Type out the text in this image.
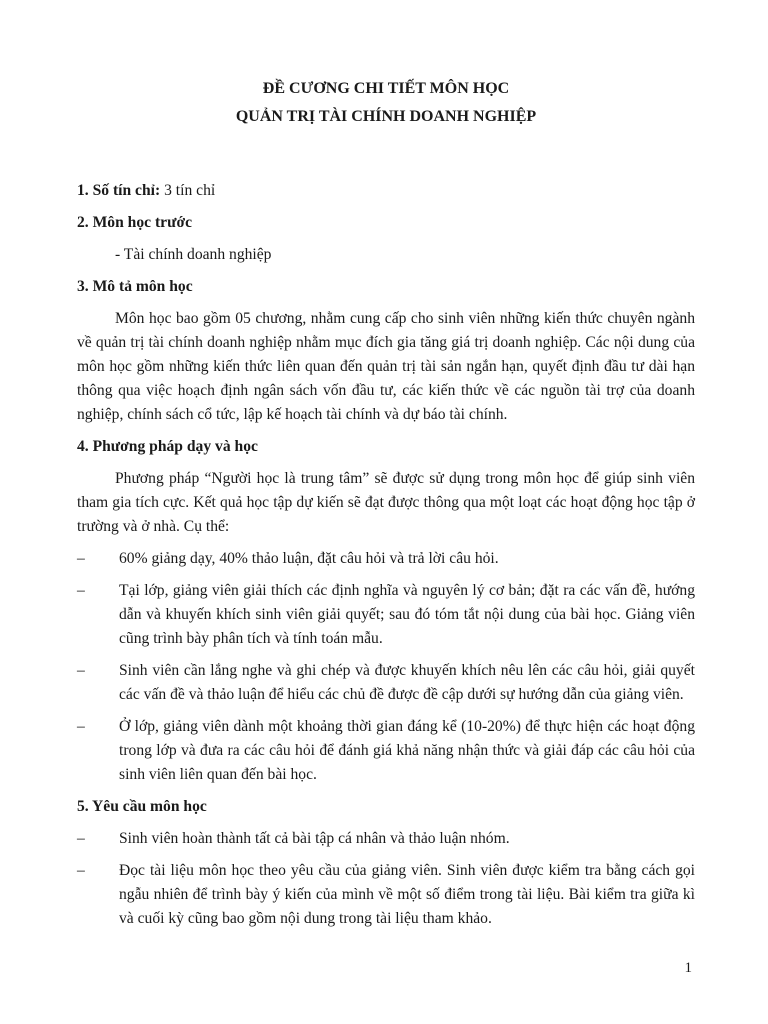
ĐỀ CƯƠNG CHI TIẾT MÔN HỌC

QUẢN TRỊ TÀI CHÍNH DOANH NGHIỆP

1. Số tín chỉ: 3 tín chỉ

2. Môn học trước

- Tài chính doanh nghiệp

3. Mô tả môn học

Môn học bao gồm 05 chương, nhằm cung cấp cho sinh viên những kiến thức chuyên ngành về quản trị tài chính doanh nghiệp nhằm mục đích gia tăng giá trị doanh nghiệp. Các nội dung của môn học gồm những kiến thức liên quan đến quản trị tài sản ngắn hạn, quyết định đầu tư dài hạn thông qua việc hoạch định ngân sách vốn đầu tư, các kiến thức về các nguồn tài trợ của doanh nghiệp, chính sách cổ tức, lập kế hoạch tài chính và dự báo tài chính.

4. Phương pháp dạy và học

Phương pháp “Người học là trung tâm” sẽ được sử dụng trong môn học để giúp sinh viên tham gia tích cực. Kết quả học tập dự kiến sẽ đạt được thông qua một loạt các hoạt động học tập ở trường và ở nhà. Cụ thể:

–	60% giảng dạy, 40% thảo luận, đặt câu hỏi và trả lời câu hỏi.
–	Tại lớp, giảng viên giải thích các định nghĩa và nguyên lý cơ bản; đặt ra các vấn đề, hướng dẫn và khuyến khích sinh viên giải quyết; sau đó tóm tắt nội dung của bài học. Giảng viên cũng trình bày phân tích và tính toán mẫu.
–	Sinh viên cần lắng nghe và ghi chép và được khuyến khích nêu lên các câu hỏi, giải quyết các vấn đề và thảo luận để hiểu các chủ đề được đề cập dưới sự hướng dẫn của giảng viên.
–	Ở lớp, giảng viên dành một khoảng thời gian đáng kể (10-20%) để thực hiện các hoạt động trong lớp và đưa ra các câu hỏi để đánh giá khả năng nhận thức và giải đáp các câu hỏi của sinh viên liên quan đến bài học.

5. Yêu cầu môn học

–	Sinh viên hoàn thành tất cả bài tập cá nhân và thảo luận nhóm.
–	Đọc tài liệu môn học theo yêu cầu của giảng viên. Sinh viên được kiểm tra bằng cách gọi ngẫu nhiên để trình bày ý kiến của mình về một số điểm trong tài liệu. Bài kiểm tra giữa kì và cuối kỳ cũng bao gồm nội dung trong tài liệu tham khảo.
1
